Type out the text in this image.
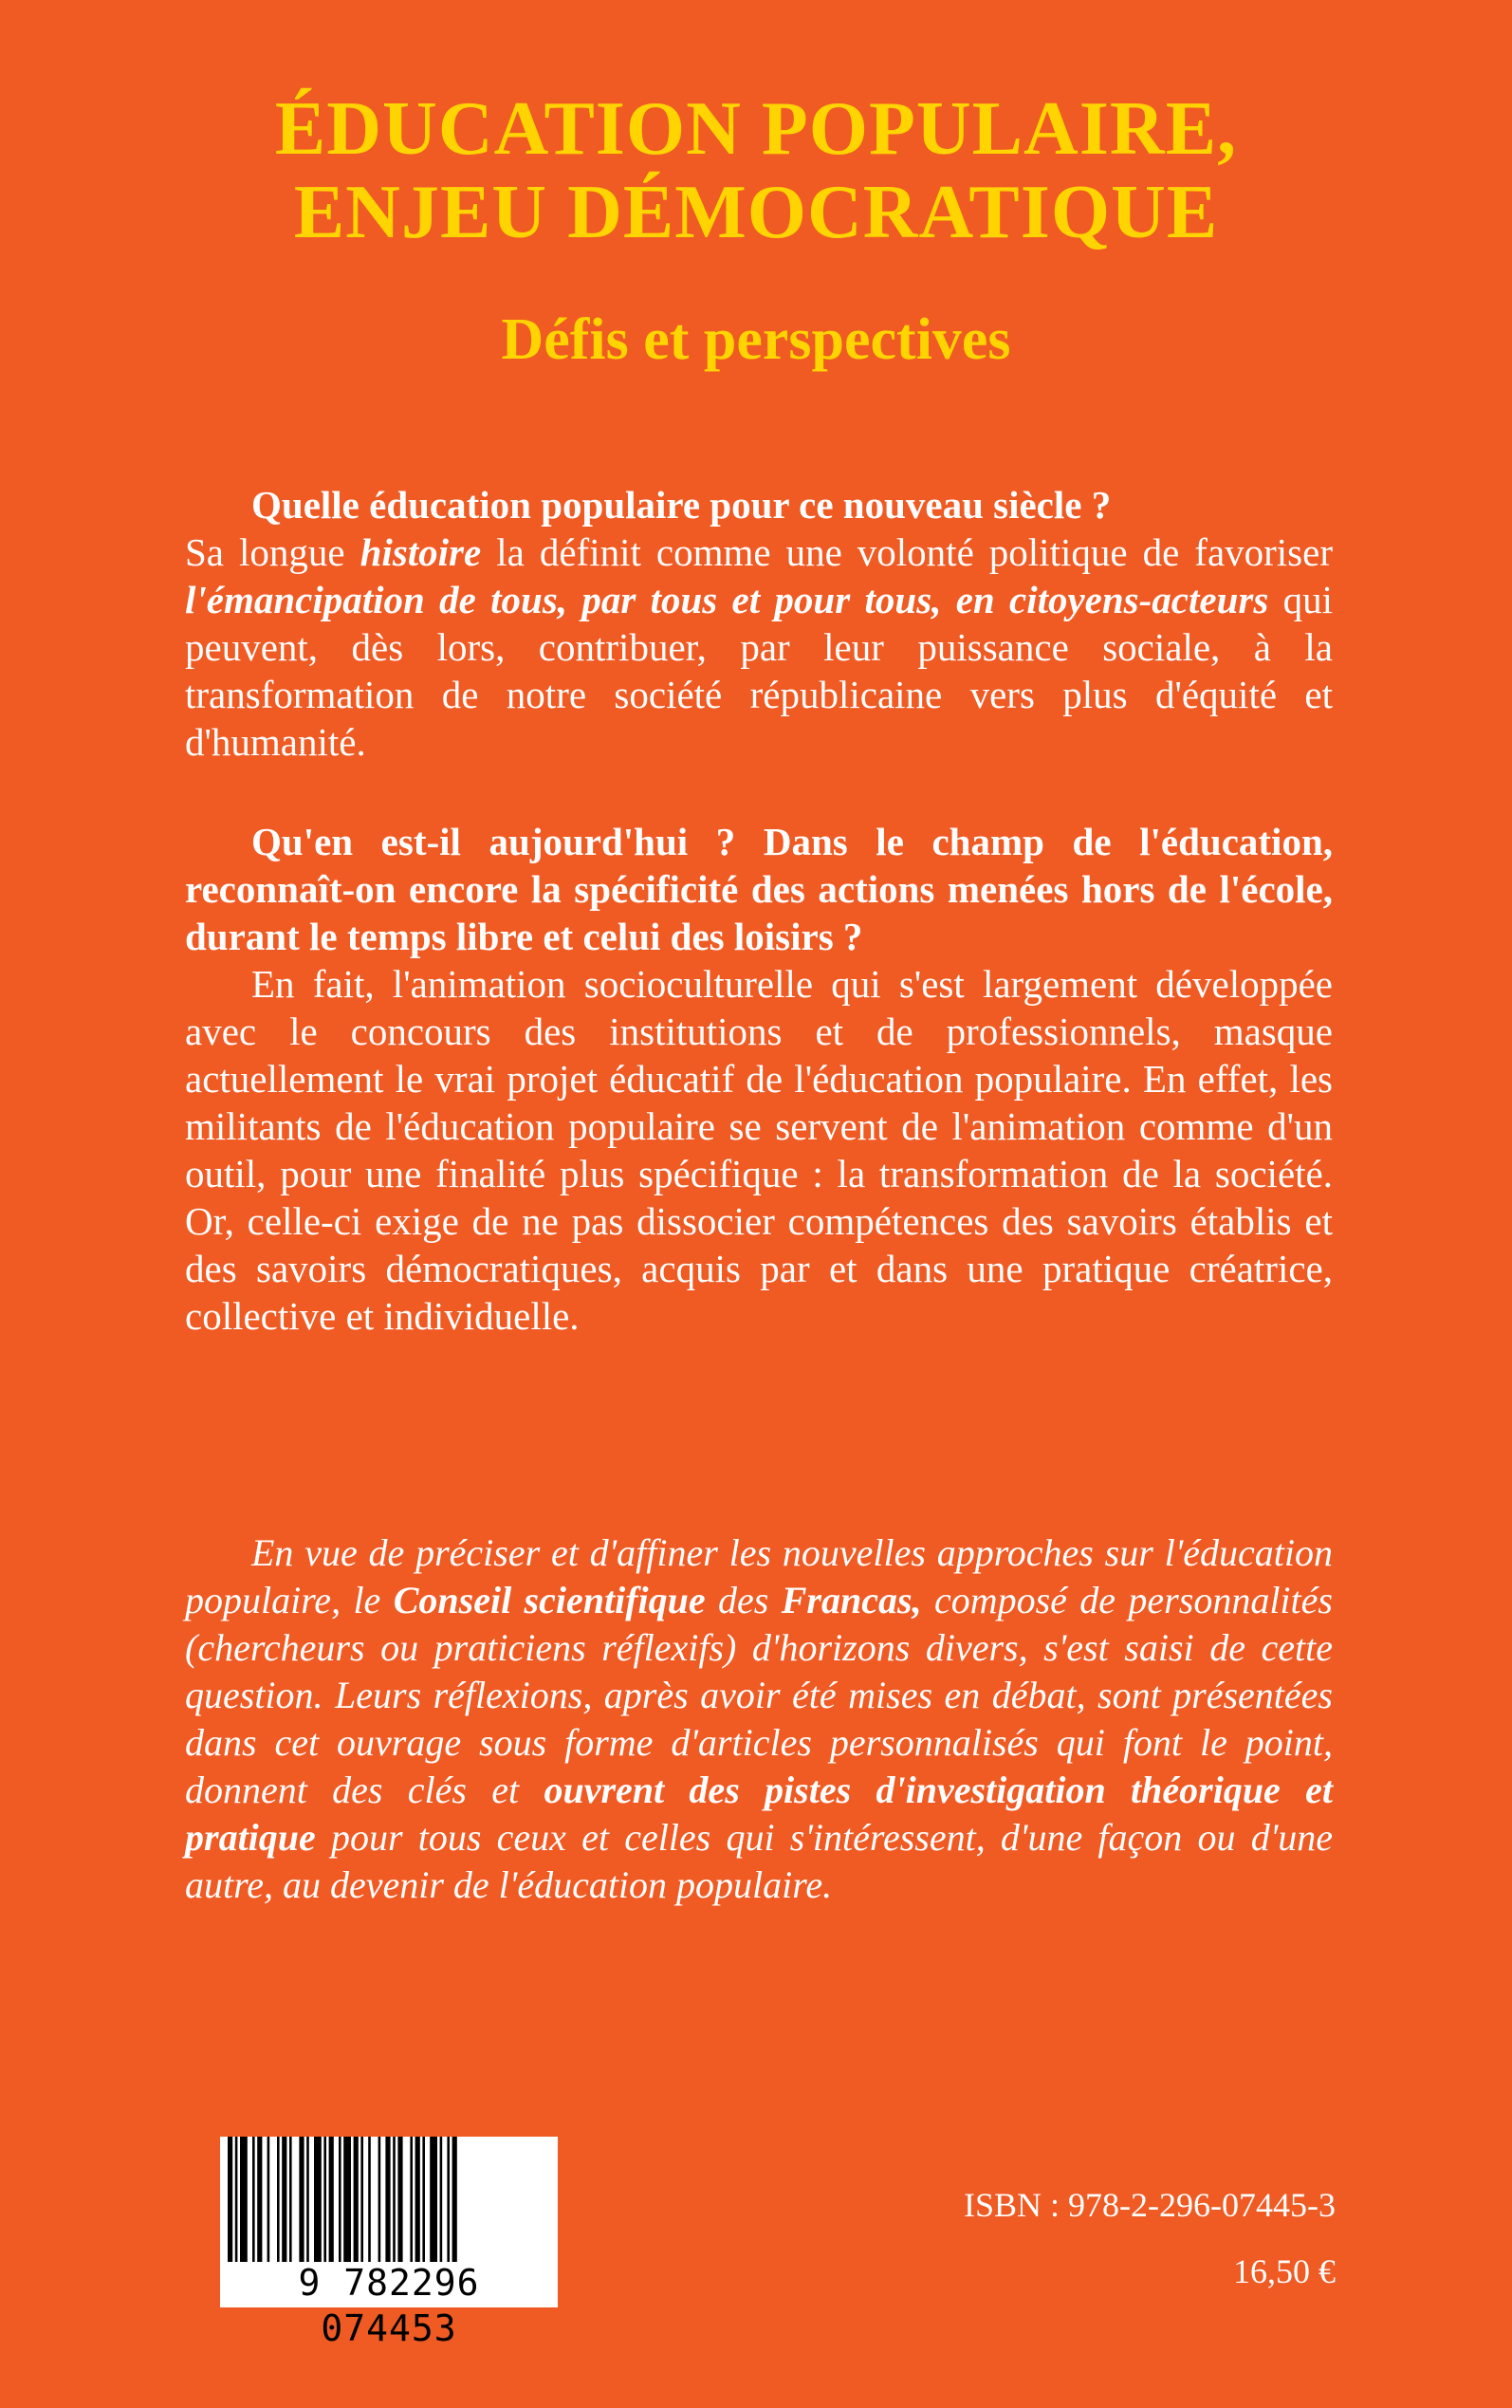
ÉDUCATION POPULAIRE,
ENJEU DÉMOCRATIQUE
Défis et perspectives

Quelle éducation populaire pour ce nouveau siècle ?

Sa longue histoire la définit comme une volonté politique de favoriser l'émancipation de tous, par tous et pour tous, en citoyens-acteurs qui peuvent, dès lors, contribuer, par leur puissance sociale, à la transformation de notre société républicaine vers plus d'équité et d'humanité.

Qu'en est-il aujourd'hui ? Dans le champ de l'éducation, reconnaît-on encore la spécificité des actions menées hors de l'école, durant le temps libre et celui des loisirs ?

En fait, l'animation socioculturelle qui s'est largement développée avec le concours des institutions et de professionnels, masque actuellement le vrai projet éducatif de l'éducation populaire. En effet, les militants de l'éducation populaire se servent de l'animation comme d'un outil, pour une finalité plus spécifique : la transformation de la société. Or, celle-ci exige de ne pas dissocier compétences des savoirs établis et des savoirs démocratiques, acquis par et dans une pratique créatrice, collective et individuelle.

En vue de préciser et d'affiner les nouvelles approches sur l'éducation populaire, le Conseil scientifique des Francas, composé de personnalités (chercheurs ou praticiens réflexifs) d'horizons divers, s'est saisi de cette question. Leurs réflexions, après avoir été mises en débat, sont présentées dans cet ouvrage sous forme d'articles personnalisés qui font le point, donnent des clés et ouvrent des pistes d'investigation théorique et pratique pour tous ceux et celles qui s'intéressent, d'une façon ou d'une autre, au devenir de l'éducation populaire.

9 782296 074453
ISBN : 978-2-296-07445-3
16,50 €
